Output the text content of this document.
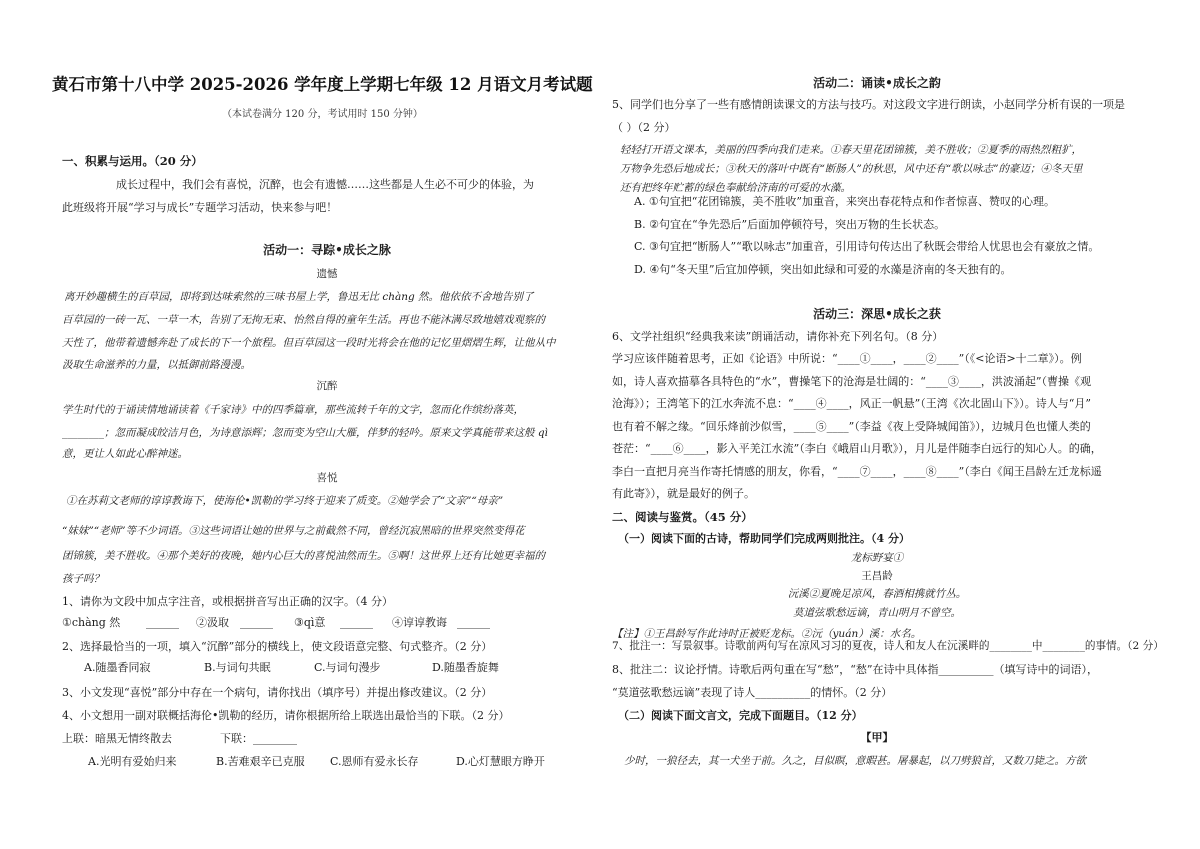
黄石市第十八中学 2025-2026 学年度上学期七年级 12 月语文月考试题
（本试卷满分 120 分，考试用时 150 分钟）
一、积累与运用。（20 分）
成长过程中，我们会有喜悦，沉醉，也会有遗憾……这些都是人生必不可少的体验，为
此班级将开展“学习与成长”专题学习活动，快来参与吧！
活动一：寻踪•成长之脉
遗憾
离开妙趣横生的百草园，即将到达味索然的三味书屋上学，鲁迅无比 chàng 然。他依依不舍地告别了
百草园的一砖一瓦、一草一木，告别了无拘无束、怡然自得的童年生活。再也不能沐满尽致地嬉戏观察的
天性了，他带着遗憾奔赴了成长的下一个旅程。但百草园这一段时光将会在他的记忆里熠熠生辉，让他从中
汲取生命滋养的力量，以抵御前路漫漫。
沉醉
学生时代的于诵读情地诵读着《千家诗》中的四季篇章，那些流转千年的文字，忽而化作缤纷落英，
________；忽而凝成皎洁月色，为诗意添辉；忽而变为空山大雁，伴梦的轻吟。原来文学真能带来这般 qì
意，更让人如此心醉神迷。
喜悦
①在苏莉文老师的谆谆教诲下，使海伦•凯勒的学习终于迎来了质变。②她学会了“文亲”“母亲”
“妹妹”“老师”等不少词语。③这些词语让她的世界与之前截然不同，曾经沉寂黑暗的世界突然变得花
团锦簇，美不胜收。④那个美好的夜晚，她内心巨大的喜悦油然而生。⑤啊！这世界上还有比她更幸福的
孩子吗？
1、请你为文段中加点字注音，或根据拼音写出正确的汉字。（4 分）
①chàng 然 ______ ②汲取 ______ ③qì意 ______ ④谆谆教诲 ______
2、选择最恰当的一项，填入“沉醉”部分的横线上，使文段语意完整、句式整齐。（2 分）
A.随墨香同寂	B.与词句共眠	C.与词句漫步	D.随墨香旋舞
3、小文发现“喜悦”部分中存在一个病句，请你找出（填序号）并提出修改建议。（2 分）
4、小文想用一副对联概括海伦•凯勒的经历，请你根据所给上联选出最恰当的下联。（2 分）
上联：暗黑无情终散去	下联：________
A.光明有爱始归来	B.苦难艰辛已克服 C.恩师有爱永长存	D.心灯慧眼方睁开
活动二：诵读•成长之韵
5、同学们也分享了一些有感情朗读课文的方法与技巧。对这段文字进行朗读，小赵同学分析有误的一项是
（ ）（2 分）
轻轻打开语文课本，美丽的四季向我们走来。①春天里花团锦簇，美不胜收；②夏季的雨热烈粗犷，
万物争先恐后地成长；③秋天的落叶中既有“断肠人”的秋思，风中还有“歌以咏志”的豪迈；④冬天里
还有把终年贮蓄的绿色奉献给济南的可爱的水藻。
A. ①句宜把“花团锦簇，美不胜收”加重音，来突出春花特点和作者惊喜、赞叹的心理。
B. ②句宜在“争先恐后”后面加停顿符号，突出万物的生长状态。
C. ③句宜把“断肠人”“歌以咏志”加重音，引用诗句传达出了秋既会带给人忧思也会有豪放之情。
D. ④句“冬天里”后宜加停顿，突出如此绿和可爱的水藻是济南的冬天独有的。
活动三：深思•成长之获
6、文学社组织“经典我来读”朗诵活动，请你补充下列名句。（8 分）
学习应该伴随着思考，正如《论语》中所说：“____①____，____②____”（《<论语>十二章》）。例
如，诗人喜欢描摹各具特色的“水”，曹操笔下的沧海是壮阔的：“____③____，洪波涌起”（曹操《观
沧海》）；王湾笔下的江水奔流不息：“____④____，风正一帆悬”（王湾《次北固山下》）。诗人与“月”
也有着不解之缘。“回乐烽前沙似雪，____⑤____”（李益《夜上受降城闻笛》），边城月色也懂人类的
苍茫：“____⑥____，影入平羌江水流”（李白《峨眉山月歌》），月儿是伴随李白远行的知心人。的确，
李白一直把月亮当作寄托情感的朋友，你看，“____⑦____，____⑧____”（李白《闻王昌龄左迁龙标遥
有此寄》），就是最好的例子。
二、阅读与鉴赏。（45 分）
（一）阅读下面的古诗，帮助同学们完成两则批注。（4 分）
龙标野宴①
王昌龄
沅溪②夏晚足凉风，春酒相携就竹丛。
莫道弦歌愁远谪，青山明月不曾空。
【注】①王昌龄写作此诗时正被贬龙标。②沅（yuán）溪：水名。
7、批注一：写景叙事。诗歌前两句写在凉风习习的夏夜，诗人和友人在沅溪畔的________中________的事情。（2 分）
8、批注二：议论抒情。诗歌后两句重在写“愁”，“愁”在诗中具体指__________（填写诗中的词语），
“莫道弦歌愁远谪”表现了诗人__________的情怀。（2 分）
（二）阅读下面文言文，完成下面题目。（12 分）
【甲】
少时，一狼径去，其一犬坐于前。久之，目似瞑，意暇甚。屠暴起，以刀劈狼首，又数刀毙之。方欲
